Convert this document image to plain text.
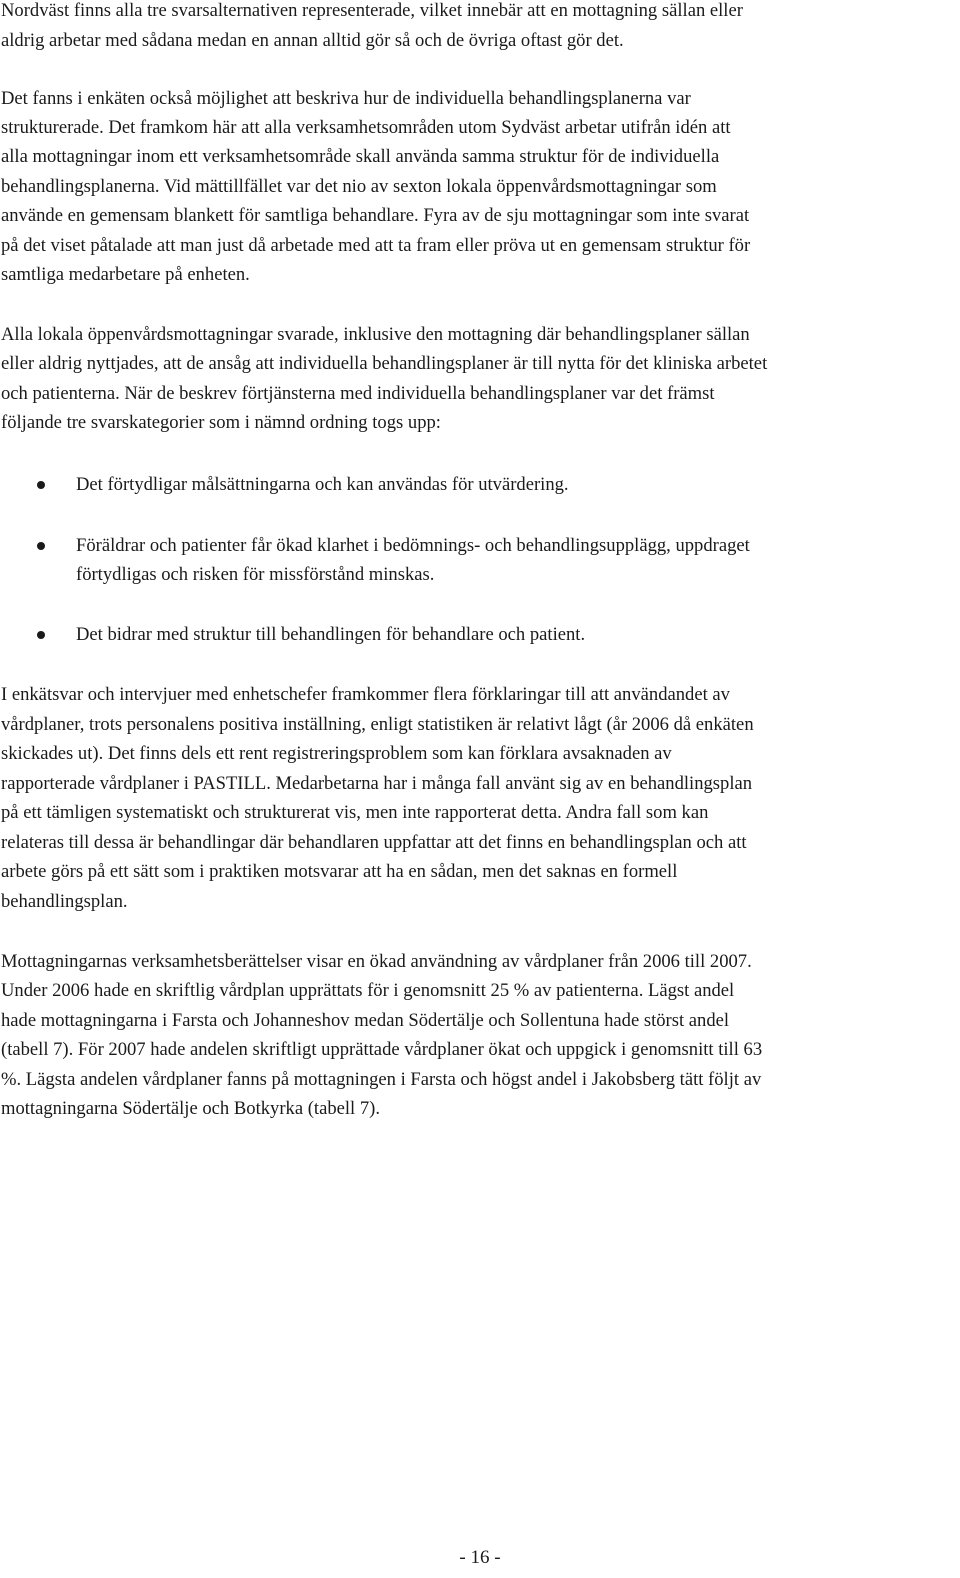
Nordväst finns alla tre svarsalternativen representerade, vilket innebär att en mottagning sällan eller
aldrig arbetar med sådana medan en annan alltid gör så och de övriga oftast gör det.
Det fanns i enkäten också möjlighet att beskriva hur de individuella behandlingsplanerna var
strukturerade. Det framkom här att alla verksamhetsområden utom Sydväst arbetar utifrån idén att
alla mottagningar inom ett verksamhetsområde skall använda samma struktur för de individuella
behandlingsplanerna. Vid mättillfället var det nio av sexton lokala öppenvårdsmottagningar som
använde en gemensam blankett för samtliga behandlare. Fyra av de sju mottagningar som inte svarat
på det viset påtalade att man just då arbetade med att ta fram eller pröva ut en gemensam struktur för
samtliga medarbetare på enheten.
Alla lokala öppenvårdsmottagningar svarade, inklusive den mottagning där behandlingsplaner sällan
eller aldrig nyttjades, att de ansåg att individuella behandlingsplaner är till nytta för det kliniska arbetet
och patienterna. När de beskrev förtjänsterna med individuella behandlingsplaner var det främst
följande tre svarskategorier som i nämnd ordning togs upp:
Det förtydligar målsättningarna och kan användas för utvärdering.
Föräldrar och patienter får ökad klarhet i bedömnings- och behandlingsupplägg, uppdraget
förtydligas och risken för missförstånd minskas.
Det bidrar med struktur till behandlingen för behandlare och patient.
I enkätsvar och intervjuer med enhetschefer framkommer flera förklaringar till att användandet av
vårdplaner, trots personalens positiva inställning, enligt statistiken är relativt lågt (år 2006 då enkäten
skickades ut). Det finns dels ett rent registreringsproblem som kan förklara avsaknaden av
rapporterade vårdplaner i PASTILL. Medarbetarna har i många fall använt sig av en behandlingsplan
på ett tämligen systematiskt och strukturerat vis, men inte rapporterat detta. Andra fall som kan
relateras till dessa är behandlingar där behandlaren uppfattar att det finns en behandlingsplan och att
arbete görs på ett sätt som i praktiken motsvarar att ha en sådan, men det saknas en formell
behandlingsplan.
Mottagningarnas verksamhetsberättelser visar en ökad användning av vårdplaner från 2006 till 2007.
Under 2006 hade en skriftlig vårdplan upprättats för i genomsnitt 25 % av patienterna. Lägst andel
hade mottagningarna i Farsta och Johanneshov medan Södertälje och Sollentuna hade störst andel
(tabell 7). För 2007 hade andelen skriftligt upprättade vårdplaner ökat och uppgick i genomsnitt till 63
%. Lägsta andelen vårdplaner fanns på mottagningen i Farsta och högst andel i Jakobsberg tätt följt av
mottagningarna Södertälje och Botkyrka (tabell 7).
- 16 -
